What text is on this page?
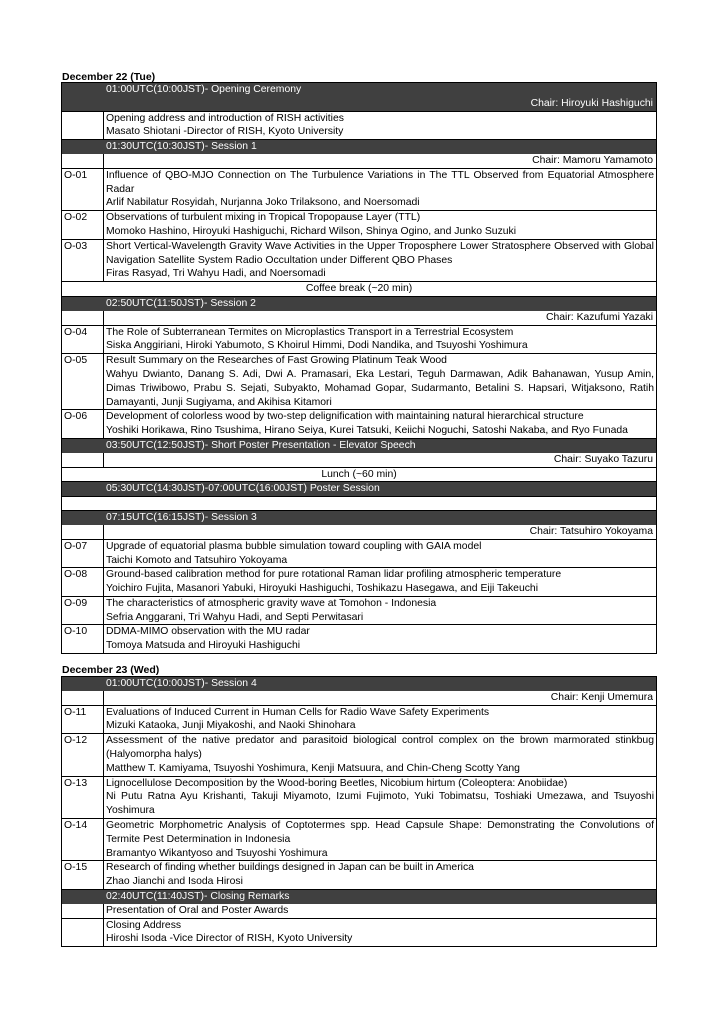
December 22 (Tue)
01:00UTC(10:00JST)- Opening Ceremony
Chair: Hiroyuki Hashiguchi
Opening address and introduction of RISH activities
Masato Shiotani -Director of RISH, Kyoto University
01:30UTC(10:30JST)- Session 1
Chair: Mamoru Yamamoto
O-01	Influence of QBO-MJO Connection on The Turbulence Variations in The TTL Observed from Equatorial Atmosphere Radar
Arlif Nabilatur Rosyidah, Nurjanna Joko Trilaksono, and Noersomadi
O-02	Observations of turbulent mixing in Tropical Tropopause Layer (TTL)
Momoko Hashino, Hiroyuki Hashiguchi, Richard Wilson, Shinya Ogino, and Junko Suzuki
O-03	Short Vertical-Wavelength Gravity Wave Activities in the Upper Troposphere Lower Stratosphere Observed with Global Navigation Satellite System Radio Occultation under Different QBO Phases
Firas Rasyad, Tri Wahyu Hadi, and Noersomadi
Coffee break (~20 min)
02:50UTC(11:50JST)- Session 2
Chair: Kazufumi Yazaki
O-04	The Role of Subterranean Termites on Microplastics Transport in a Terrestrial Ecosystem
Siska Anggiriani, Hiroki Yabumoto, S Khoirul Himmi, Dodi Nandika, and Tsuyoshi Yoshimura
O-05	Result Summary on the Researches of Fast Growing Platinum Teak Wood
Wahyu Dwianto, Danang S. Adi, Dwi A. Pramasari, Eka Lestari, Teguh Darmawan, Adik Bahanawan, Yusup Amin, Dimas Triwibowo, Prabu S. Sejati, Subyakto, Mohamad Gopar, Sudarmanto, Betalini S. Hapsari, Witjaksono, Ratih Damayanti, Junji Sugiyama, and Akihisa Kitamori
O-06	Development of colorless wood by two-step delignification with maintaining natural hierarchical structure
Yoshiki Horikawa, Rino Tsushima, Hirano Seiya, Kurei Tatsuki, Keiichi Noguchi, Satoshi Nakaba, and Ryo Funada
03:50UTC(12:50JST)- Short Poster Presentation - Elevator Speech
Chair: Suyako Tazuru
Lunch (~60 min)
05:30UTC(14:30JST)-07:00UTC(16:00JST) Poster Session
07:15UTC(16:15JST)- Session 3
Chair: Tatsuhiro Yokoyama
O-07	Upgrade of equatorial plasma bubble simulation toward coupling with GAIA model
Taichi Komoto and Tatsuhiro Yokoyama
O-08	Ground-based calibration method for pure rotational Raman lidar profiling atmospheric temperature
Yoichiro Fujita, Masanori Yabuki, Hiroyuki Hashiguchi, Toshikazu Hasegawa, and Eiji Takeuchi
O-09	The characteristics of atmospheric gravity wave at Tomohon - Indonesia
Sefria Anggarani, Tri Wahyu Hadi, and Septi Perwitasari
O-10	DDMA-MIMO observation with the MU radar
Tomoya Matsuda and Hiroyuki Hashiguchi
December 23 (Wed)
01:00UTC(10:00JST)- Session 4
Chair: Kenji Umemura
O-11	Evaluations of Induced Current in Human Cells for Radio Wave Safety Experiments
Mizuki Kataoka, Junji Miyakoshi, and Naoki Shinohara
O-12	Assessment of the native predator and parasitoid biological control complex on the brown marmorated stinkbug (Halyomorpha halys)
Matthew T. Kamiyama, Tsuyoshi Yoshimura, Kenji Matsuura, and Chin-Cheng Scotty Yang
O-13	Lignocellulose Decomposition by the Wood-boring Beetles, Nicobium hirtum (Coleoptera: Anobiidae)
Ni Putu Ratna Ayu Krishanti, Takuji Miyamoto, Izumi Fujimoto, Yuki Tobimatsu, Toshiaki Umezawa, and Tsuyoshi Yoshimura
O-14	Geometric Morphometric Analysis of Coptotermes spp. Head Capsule Shape: Demonstrating the Convolutions of Termite Pest Determination in Indonesia
Bramantyo Wikantyoso and Tsuyoshi Yoshimura
O-15	Research of finding whether buildings designed in Japan can be built in America
Zhao Jianchi and Isoda Hirosi
02:40UTC(11:40JST)- Closing Remarks
Presentation of Oral and Poster Awards
Closing Address
Hiroshi Isoda -Vice Director of RISH, Kyoto University
